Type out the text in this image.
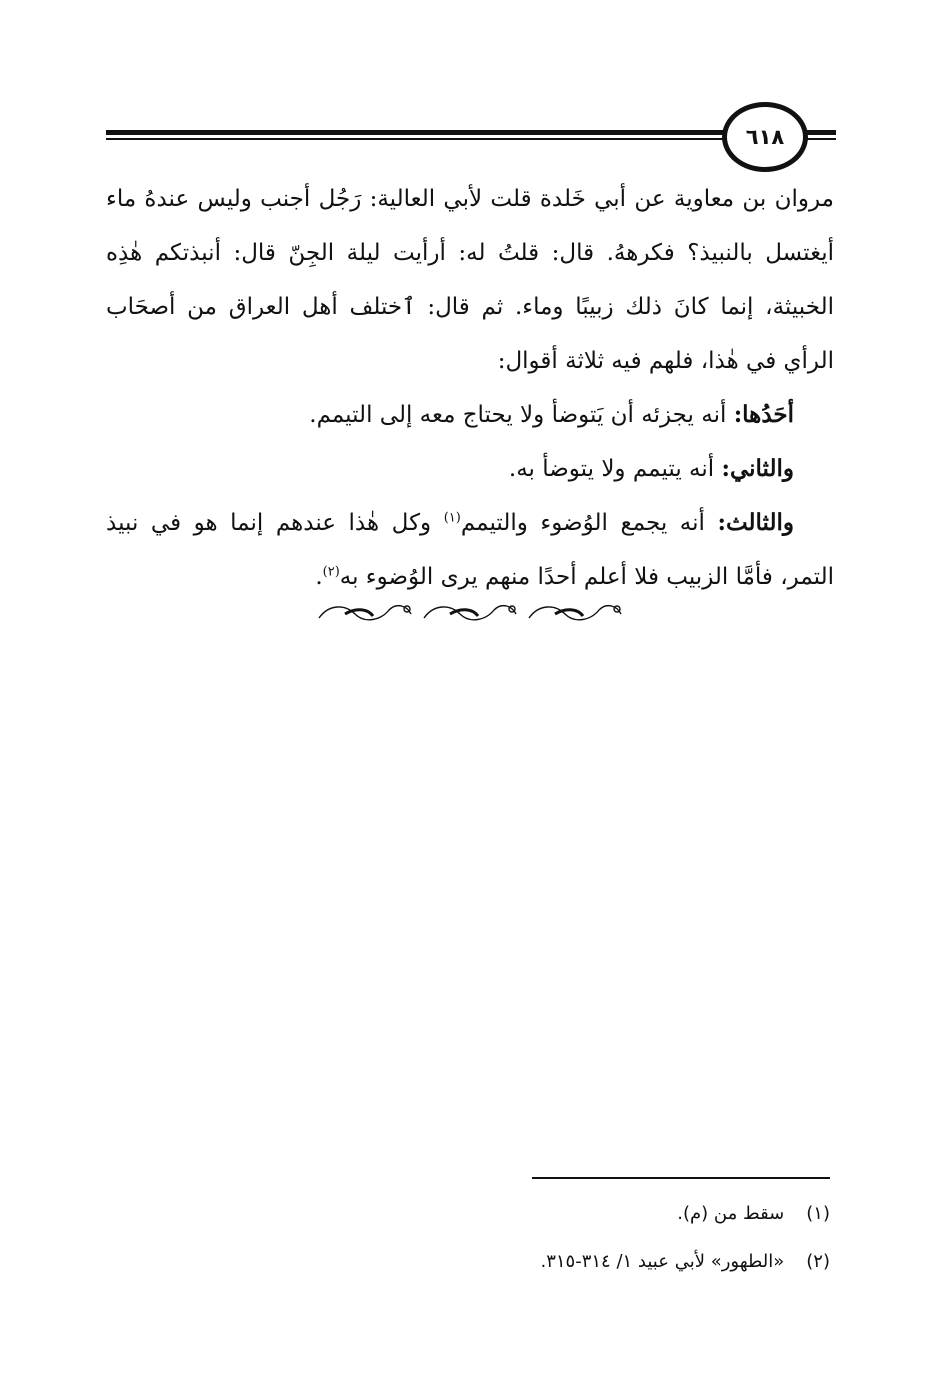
٦١٨

مروان بن معاوية عن أبي خَلدة قلت لأبي العالية: رَجُل أجنب وليس عندهُ ماء أيغتسل بالنبيذ؟ فكرههُ. قال: قلتُ له: أرأيت ليلة الجِنّ قال: أنبذتكم هٰذِه الخبيثة، إنما كانَ ذلك زبيبًا وماء. ثم قال: ٱختلف أهل العراق من أصحَاب الرأي في هٰذا، فلهم فيه ثلاثة أقوال:

أحَدُها: أنه يجزئه أن يَتوضأ ولا يحتاج معه إلى التيمم.

والثاني: أنه يتيمم ولا يتوضأ به.

والثالث: أنه يجمع الوُضوء والتيمم$^{(١)}$ وكل هٰذا عندهم إنما هو في نبيذ التمر، فأمَّا الزبيب فلا أعلم أحدًا منهم يرى الوُضوء به$^{(٢)}$.

(١) سقط من (م).
(٢) «الطهور» لأبي عبيد ١/ ٣١٤-٣١٥.
